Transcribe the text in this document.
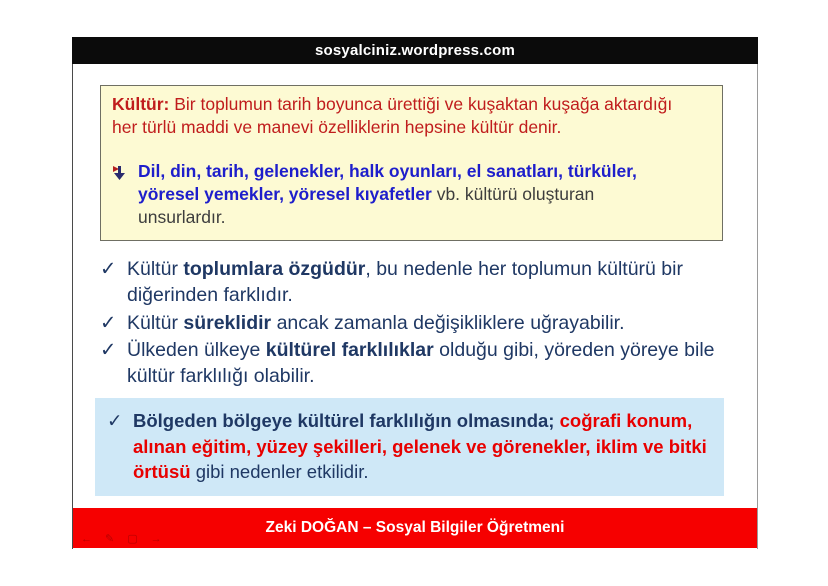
sosyalciniz.wordpress.com
Kültür: Bir toplumun tarih boyunca ürettiği ve kuşaktan kuşağa aktardığı her türlü maddi ve manevi özelliklerin hepsine kültür denir.
Dil, din, tarih, gelenekler, halk oyunları, el sanatları, türküler, yöresel yemekler, yöresel kıyafetler vb. kültürü oluşturan
unsurlardır.
✓ Kültür toplumlara özgüdür, bu nedenle her toplumun kültürü bir diğerinden farklıdır.
✓ Kültür süreklidir ancak zamanla değişikliklere uğrayabilir.
✓ Ülkeden ülkeye kültürel farklılıklar olduğu gibi, yöreden yöreye bile kültür farklılığı olabilir.
✓ Bölgeden bölgeye kültürel farklılığın olmasında; coğrafi konum, alınan eğitim, yüzey şekilleri, gelenek ve görenekler, iklim ve bitki örtüsü gibi nedenler etkilidir.
Zeki DOĞAN – Sosyal Bilgiler Öğretmeni
← ✎ ▢ →
